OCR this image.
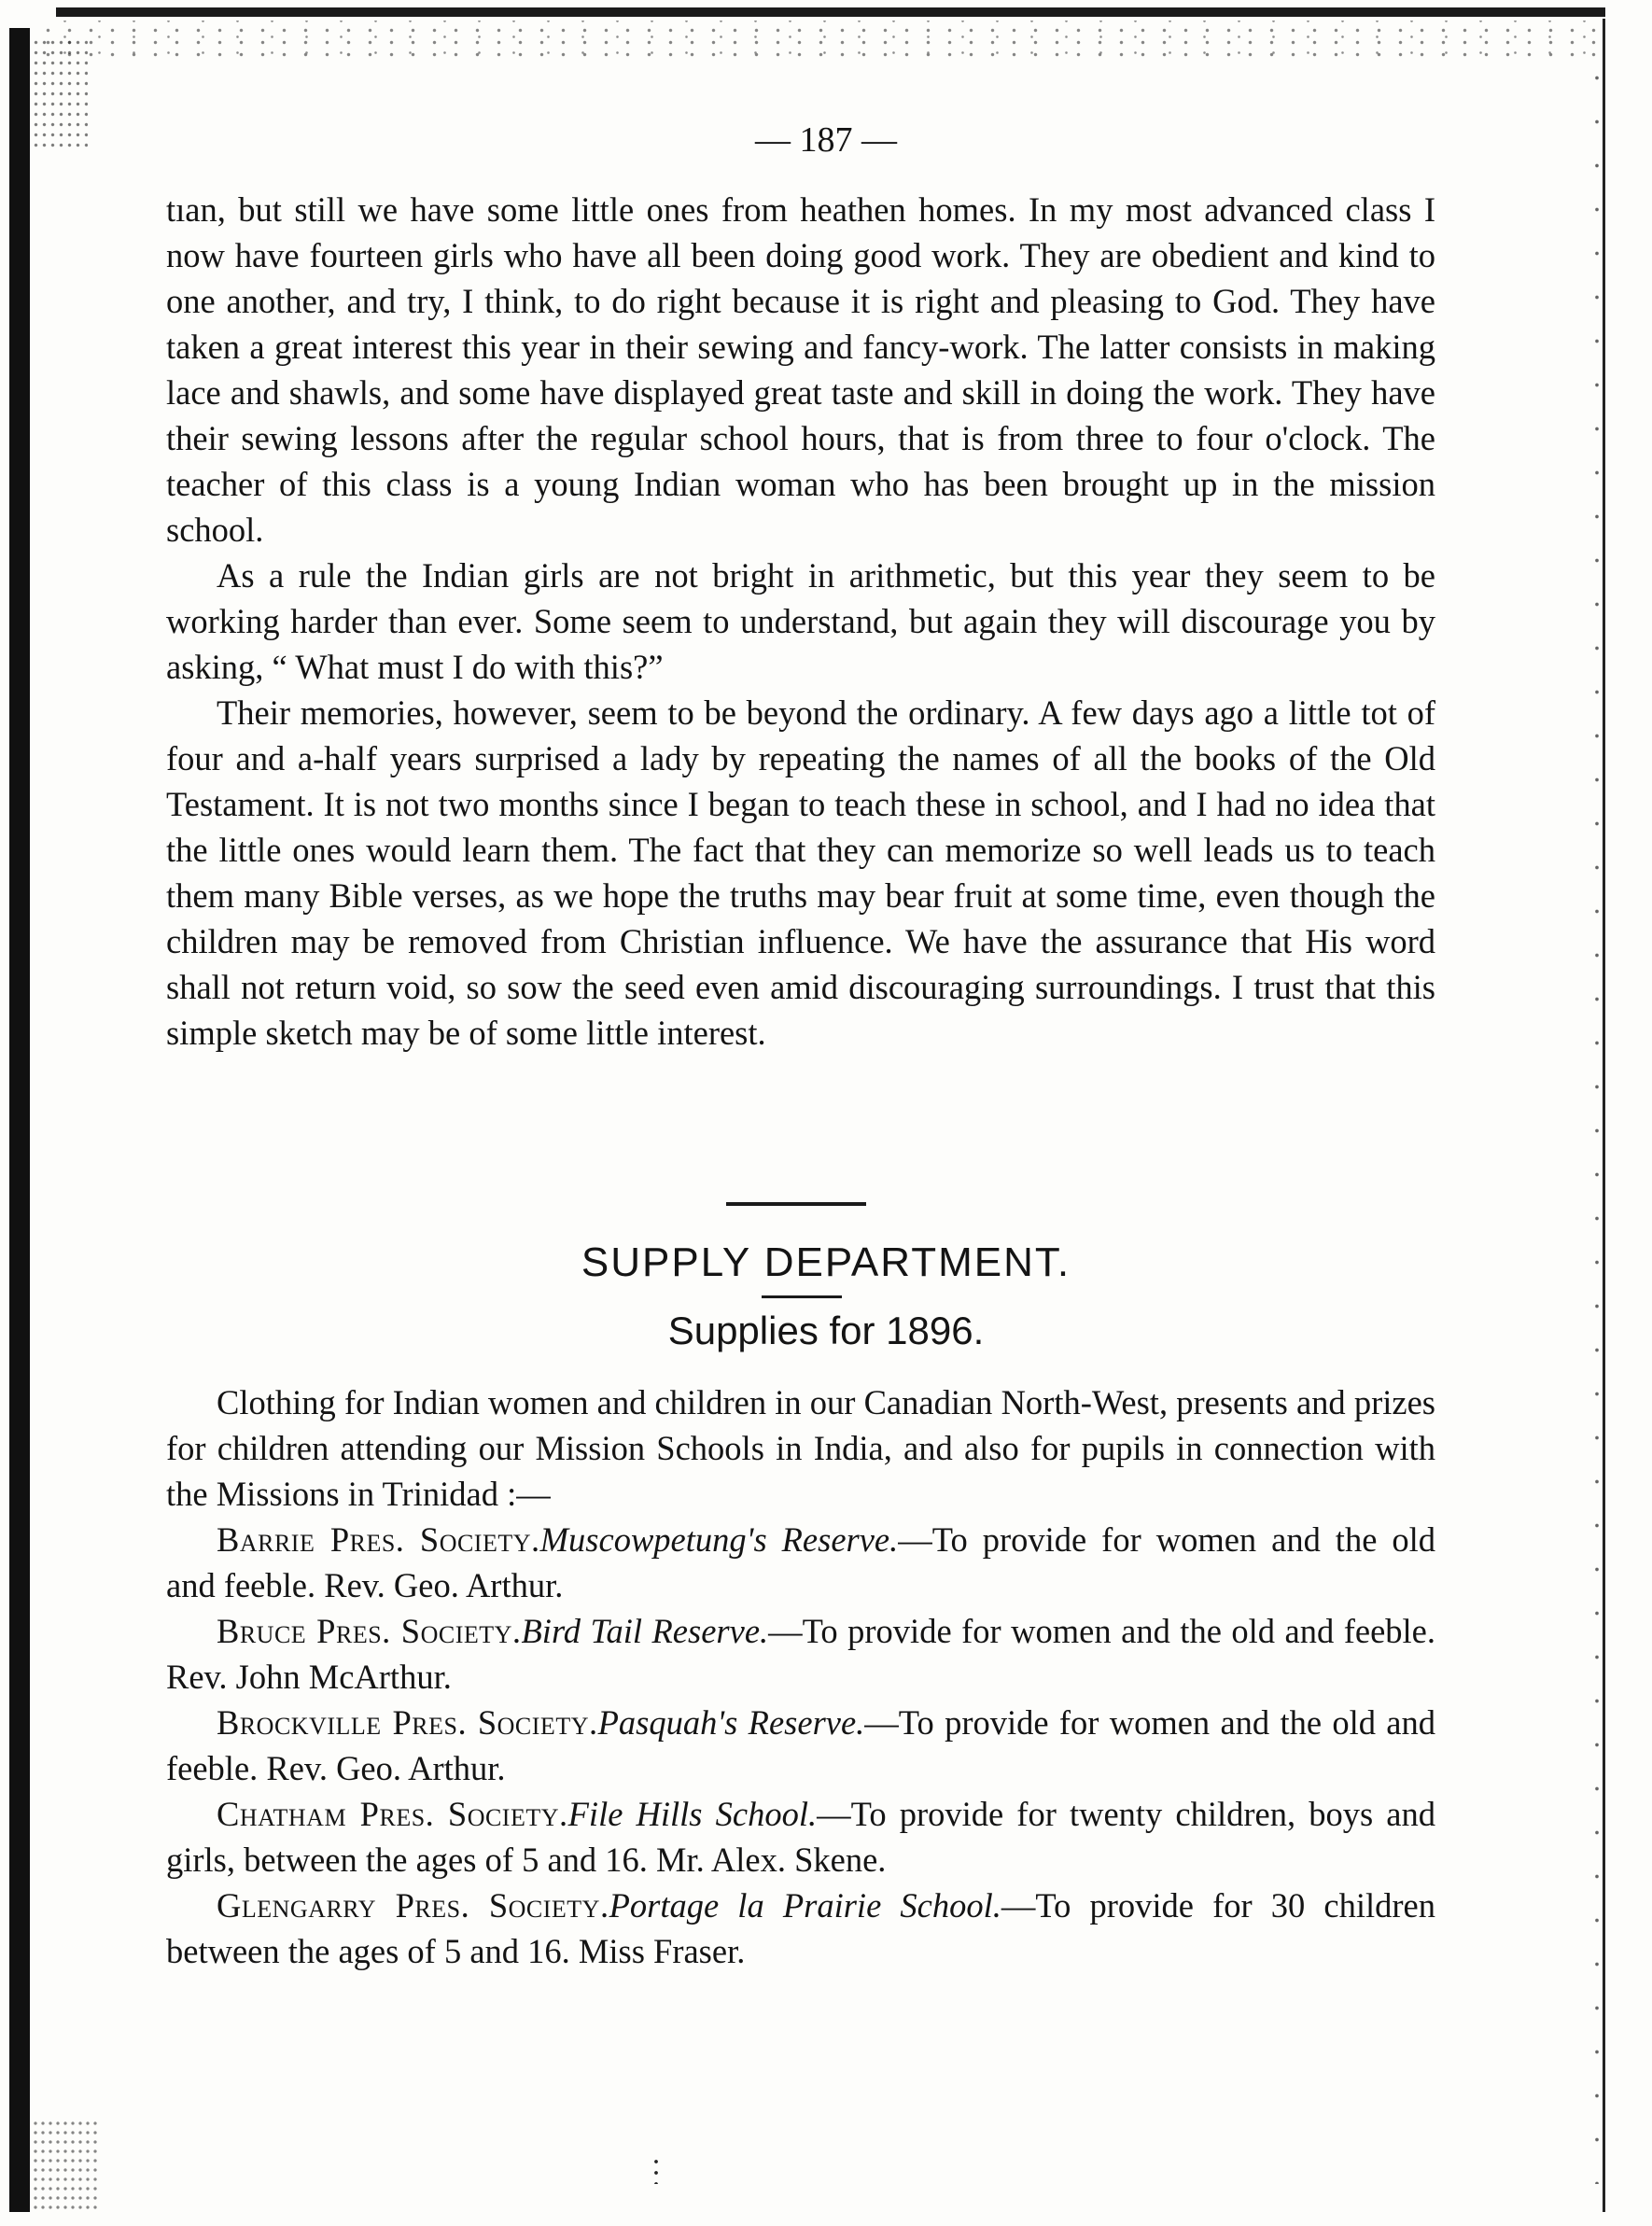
— 187 —

tıan, but still we have some little ones from heathen homes. In my most advanced class I now have fourteen girls who have all been doing good work. They are obedient and kind to one another, and try, I think, to do right because it is right and pleasing to God. They have taken a great interest this year in their sewing and fancy-work. The latter consists in making lace and shawls, and some have displayed great taste and skill in doing the work. They have their sewing lessons after the regular school hours, that is from three to four o'clock. The teacher of this class is a young Indian woman who has been brought up in the mission school.

As a rule the Indian girls are not bright in arithmetic, but this year they seem to be working harder than ever. Some seem to understand, but again they will discourage you by asking, “ What must I do with this?”

Their memories, however, seem to be beyond the ordinary. A few days ago a little tot of four and a-half years surprised a lady by repeating the names of all the books of the Old Testament. It is not two months since I began to teach these in school, and I had no idea that the little ones would learn them. The fact that they can memorize so well leads us to teach them many Bible verses, as we hope the truths may bear fruit at some time, even though the children may be removed from Christian influence. We have the assurance that His word shall not return void, so sow the seed even amid discouraging surroundings. I trust that this simple sketch may be of some little interest.

SUPPLY DEPARTMENT.
Supplies for 1896.

Clothing for Indian women and children in our Canadian North-West, presents and prizes for children attending our Mission Schools in India, and also for pupils in connection with the Missions in Trinidad :—

Barrie Pres. Society.Muscowpetung's Reserve.—To provide for women and the old and feeble. Rev. Geo. Arthur.

Bruce Pres. Society.Bird Tail Reserve.—To provide for women and the old and feeble. Rev. John McArthur.

Brockville Pres. Society.Pasquah's Reserve.—To provide for women and the old and feeble. Rev. Geo. Arthur.

Chatham Pres. Society.File Hills School.—To provide for twenty children, boys and girls, between the ages of 5 and 16. Mr. Alex. Skene.

Glengarry Pres. Society.Portage la Prairie School.—To provide for 30 children between the ages of 5 and 16. Miss Fraser.
